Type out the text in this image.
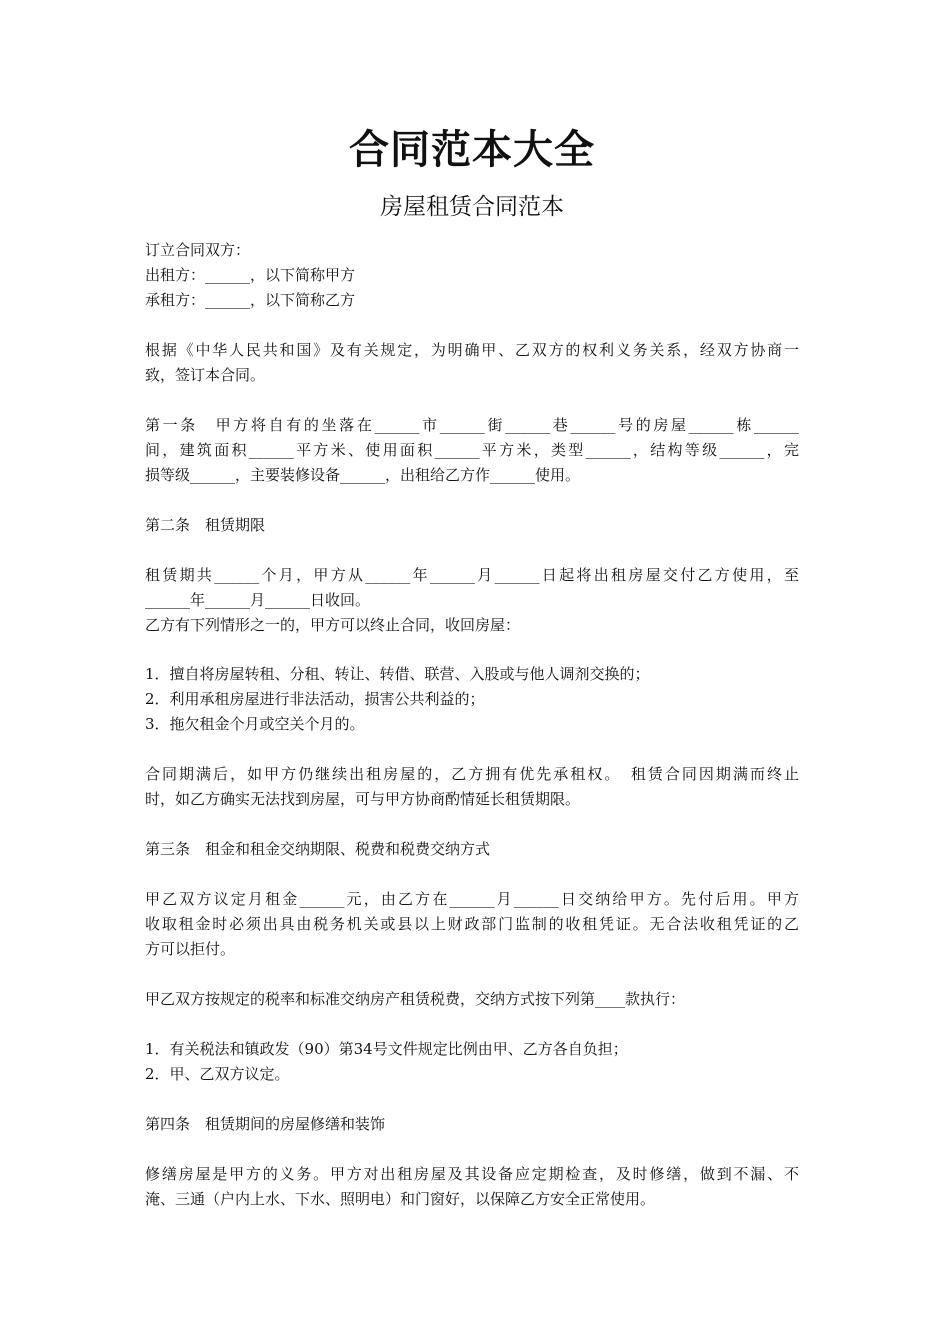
合同范本大全
房屋租赁合同范本
订立合同双方：
出租方：______，以下简称甲方
承租方：______，以下简称乙方
根据《中华人民共和国》及有关规定，为明确甲、乙双方的权利义务关系，经双方协商一
致，签订本合同。
第一条　甲方将自有的坐落在______市______街______巷______号的房屋______栋______
间，建筑面积______平方米、使用面积______平方米，类型______，结构等级______，完
损等级______，主要装修设备______，出租给乙方作______使用。
第二条　租赁期限
租赁期共______个月，甲方从______年______月______日起将出租房屋交付乙方使用，至
______年______月______日收回。
乙方有下列情形之一的，甲方可以终止合同，收回房屋：
1．擅自将房屋转租、分租、转让、转借、联营、入股或与他人调剂交换的；
2．利用承租房屋进行非法活动，损害公共利益的；
3．拖欠租金个月或空关个月的。
合同期满后，如甲方仍继续出租房屋的，乙方拥有优先承租权。　租赁合同因期满而终止
时，如乙方确实无法找到房屋，可与甲方协商酌情延长租赁期限。
第三条　租金和租金交纳期限、税费和税费交纳方式
甲乙双方议定月租金______元，由乙方在______月______日交纳给甲方。先付后用。甲方
收取租金时必须出具由税务机关或县以上财政部门监制的收租凭证。无合法收租凭证的乙
方可以拒付。
甲乙双方按规定的税率和标准交纳房产租赁税费，交纳方式按下列第____款执行：
1．有关税法和镇政发（90）第34号文件规定比例由甲、乙方各自负担；
2．甲、乙双方议定。
第四条　租赁期间的房屋修缮和装饰
修缮房屋是甲方的义务。甲方对出租房屋及其设备应定期检查，及时修缮，做到不漏、不
淹、三通（户内上水、下水、照明电）和门窗好，以保障乙方安全正常使用。
